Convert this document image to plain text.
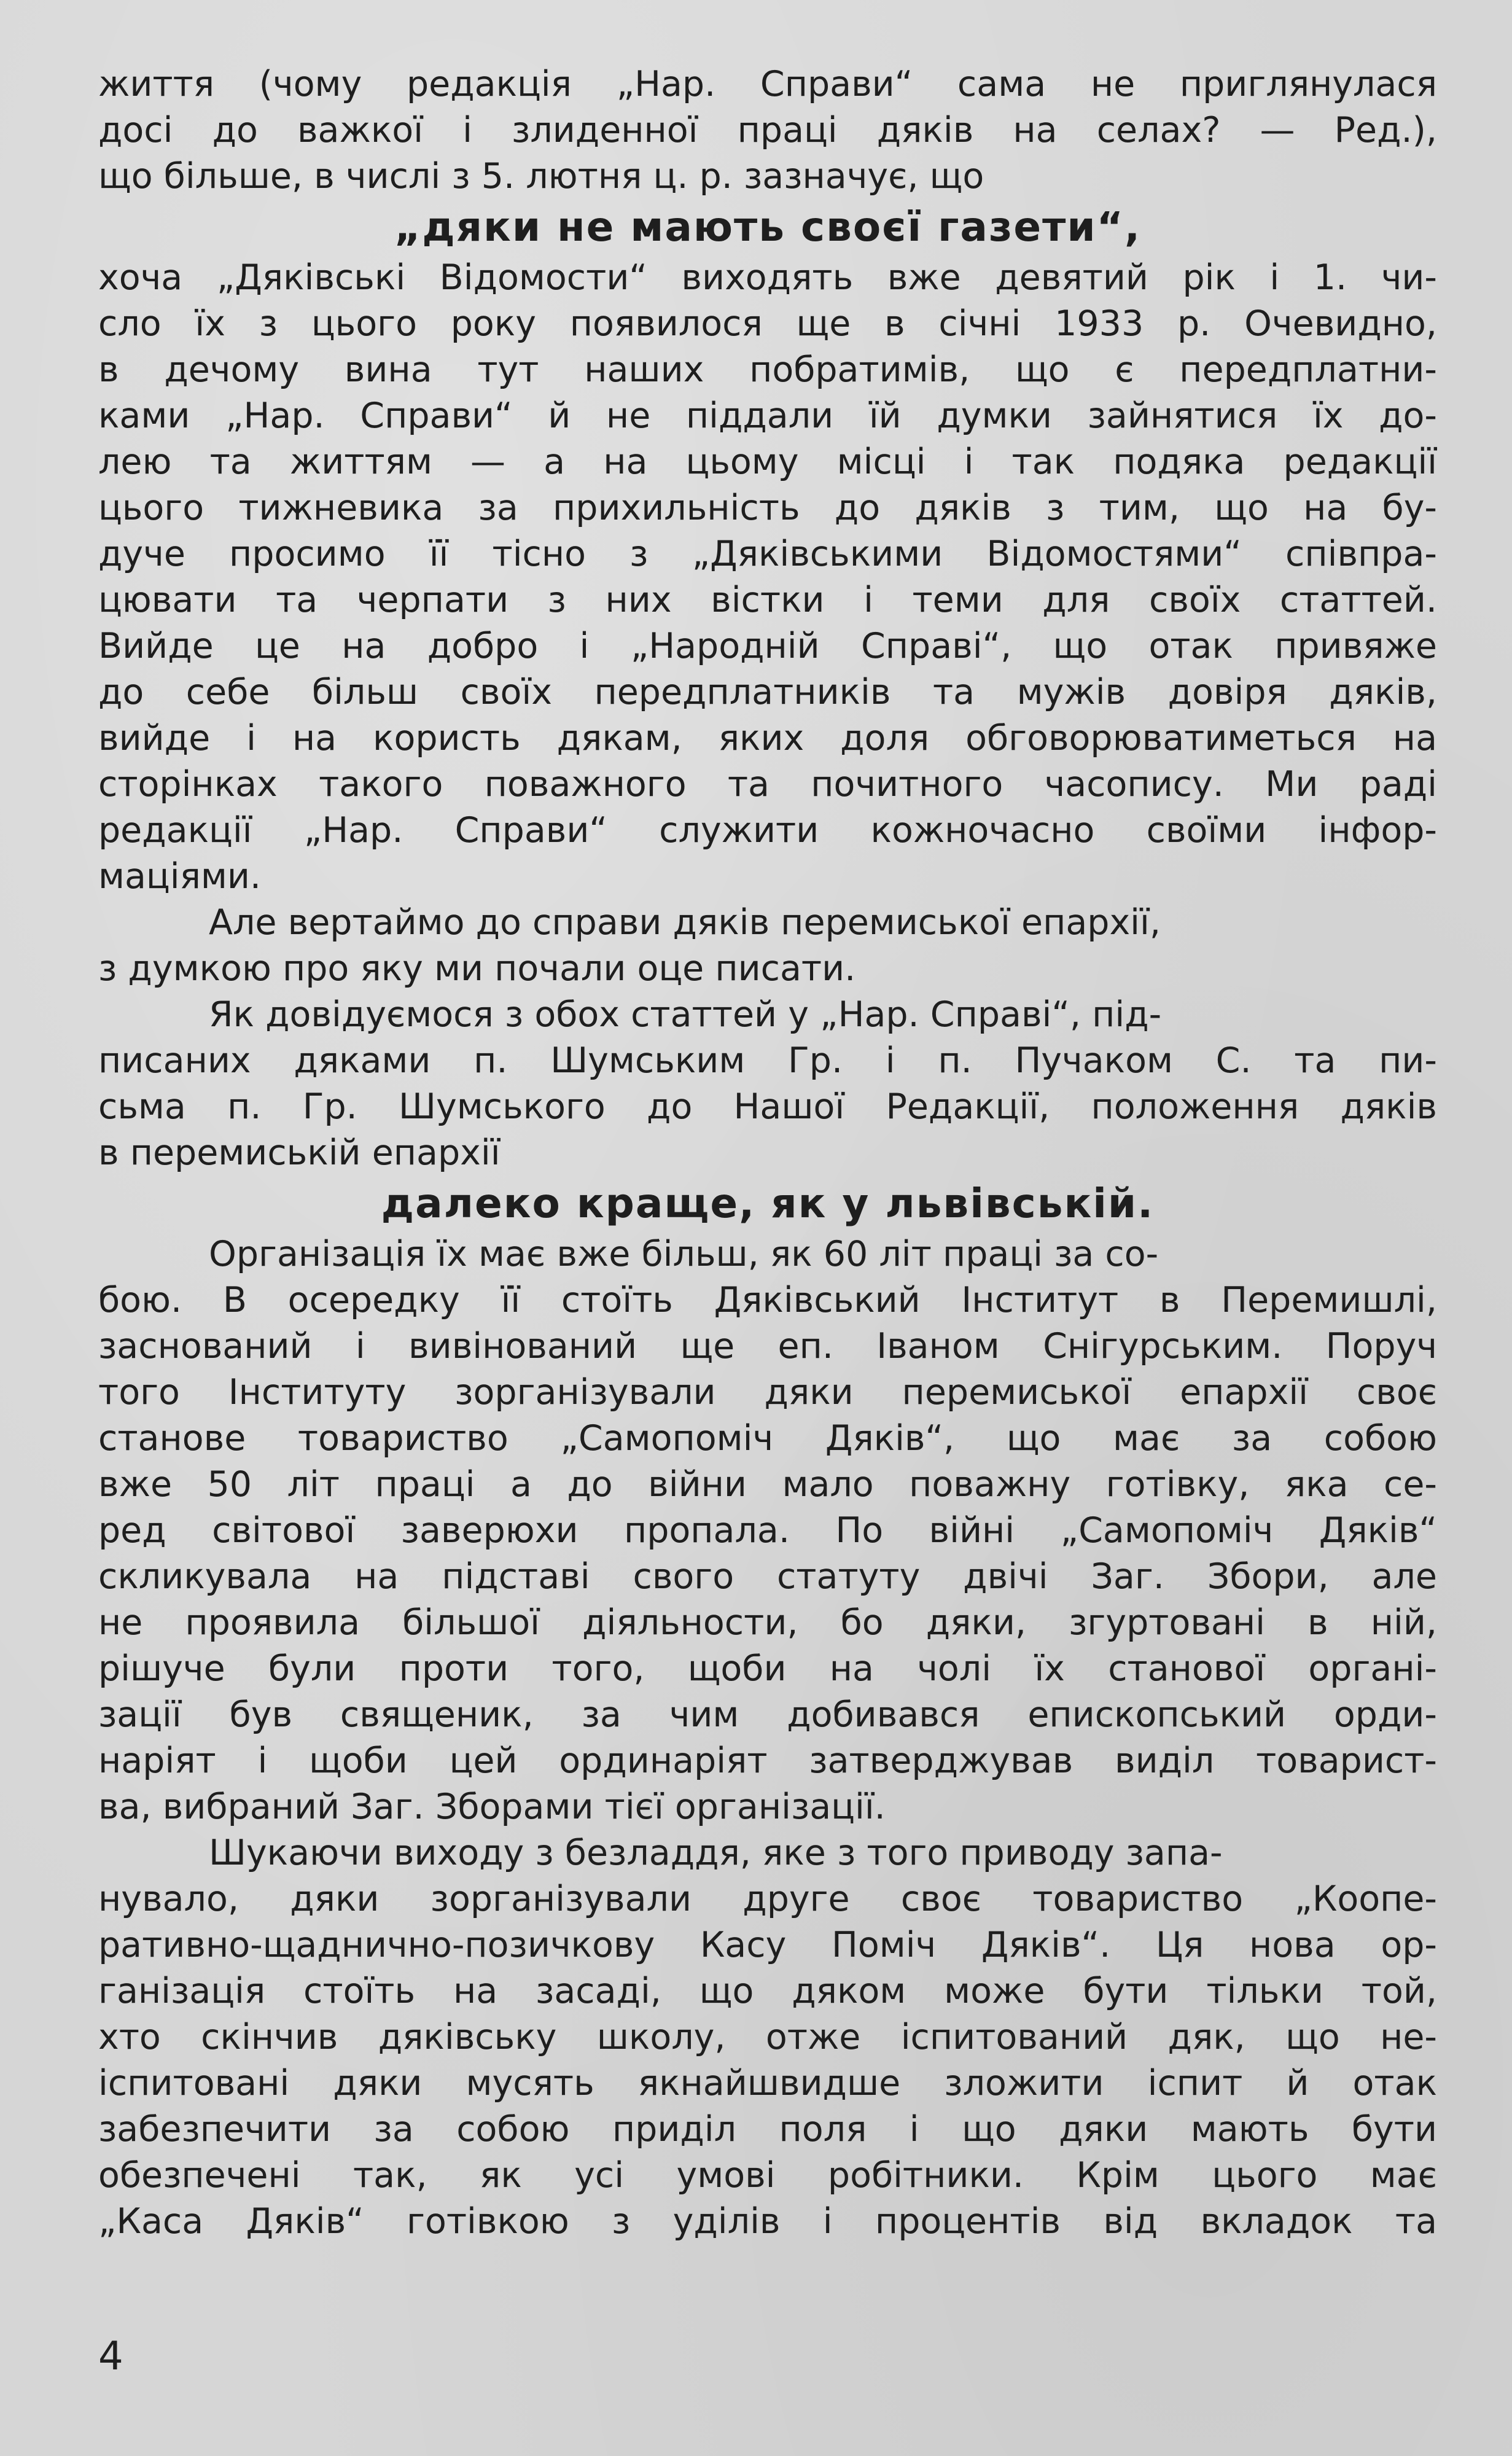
життя (чому редакція „Нар. Справи“ сама не приглянулася
досі до важкої і злиденної праці дяків на селах? — Ред.),
що більше, в числі з 5. лютня ц. р. зазначує, що
„дяки не мають своєї газети“,
хоча „Дяківські Відомости“ виходять вже девятий рік і 1. чи-
сло їх з цього року появилося ще в січні 1933 р. Очевидно,
в дечому вина тут наших побратимів, що є передплатни-
ками „Нар. Справи“ й не піддали їй думки зайнятися їх до-
лею та життям — а на цьому місці і так подяка редакції
цього тижневика за прихильність до дяків з тим, що на бу-
дуче просимо її тісно з „Дяківськими Відомостями“ співпра-
цювати та черпати з них вістки і теми для своїх статтей.
Вийде це на добро і „Народній Справі“, що отак привяже
до себе більш своїх передплатників та мужів довіря дяків,
вийде і на користь дякам, яких доля обговорюватиметься на
сторінках такого поважного та почитного часопису. Ми раді
редакції „Нар. Справи“ служити кожночасно своїми інфор-
маціями.
Але вертаймо до справи дяків перемиської епархії,
з думкою про яку ми почали оце писати.
Як довідуємося з обох статтей у „Нар. Справі“, під-
писаних дяками п. Шумським Гр. і п. Пучаком С. та пи-
сьма п. Гр. Шумського до Нашої Редакції, положення дяків
в перемиській епархії
далеко краще, як у львівській.
Організація їх має вже більш, як 60 літ праці за со-
бою. В осередку її стоїть Дяківський Інститут в Перемишлі,
заснований і вивінований ще еп. Іваном Снігурським. Поруч
того Інституту зорганізували дяки перемиської епархії своє
станове товариство „Самопоміч Дяків“, що має за собою
вже 50 літ праці а до війни мало поважну готівку, яка се-
ред світової заверюхи пропала. По війні „Самопоміч Дяків“
скликувала на підставі свого статуту двічі Заг. Збори, але
не проявила більшої діяльности, бо дяки, згуртовані в ній,
рішуче були проти того, щоби на чолі їх станової органі-
зації був священик, за чим добивався епископський орди-
наріят і щоби цей ординаріят затверджував виділ товарист-
ва, вибраний Заг. Зборами тієї організації.
Шукаючи виходу з безладдя, яке з того приводу запа-
нувало, дяки зорганізували друге своє товариство „Коопе-
ративно-щаднично-позичкову Касу Поміч Дяків“. Ця нова ор-
ганізація стоїть на засаді, що дяком може бути тільки той,
хто скінчив дяківську школу, отже іспитований дяк, що не-
іспитовані дяки мусять якнайшвидше зложити іспит й отак
забезпечити за собою приділ поля і що дяки мають бути
обезпечені так, як усі умові робітники. Крім цього має
„Каса Дяків“ готівкою з уділів і процентів від вкладок та
4
